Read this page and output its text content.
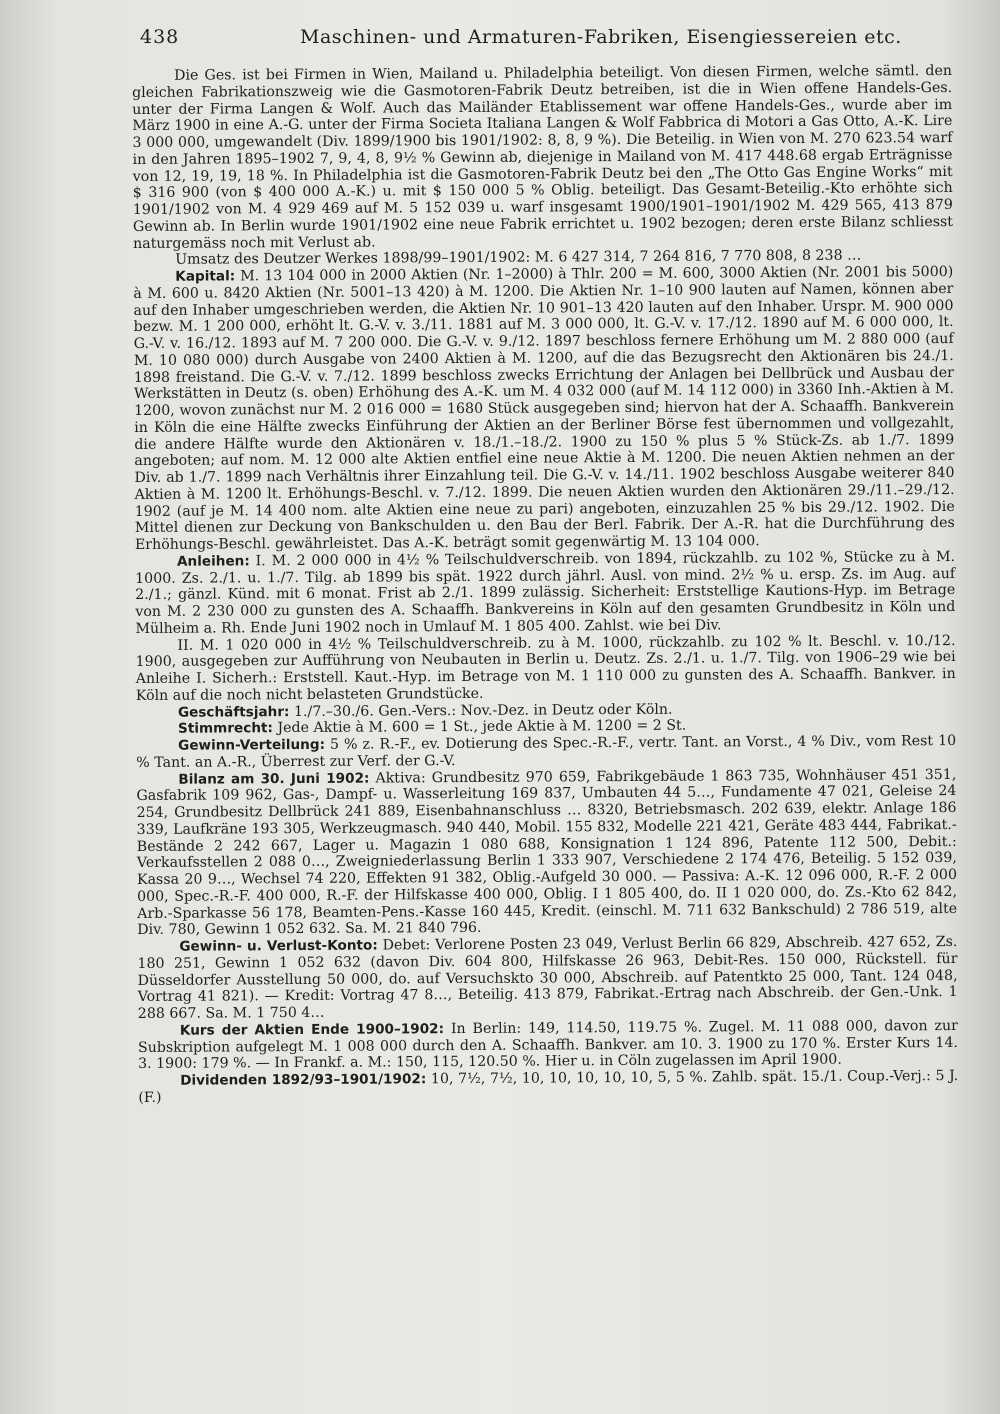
438	Maschinen- und Armaturen-Fabriken, Eisengiessereien etc.

Die Ges. ist bei Firmen in Wien, Mailand u. Philadelphia beteiligt. Von diesen Firmen, welche sämtl. den gleichen Fabrikationszweig wie die Gasmotoren-Fabrik Deutz betreiben, ist die in Wien offene Handels-Ges. unter der Firma Langen & Wolf. Auch das Mailänder Etablissement war offene Handels-Ges., wurde aber im März 1900 in eine A.-G. unter der Firma Societa Italiana Langen & Wolf Fabbrica di Motori a Gas Otto, A.-K. Lire 3 000 000, umgewandelt (Div. 1899/1900 bis 1901/1902: 8, 8, 9 %). Die Beteilig. in Wien von M. 270 623.54 warf in den Jahren 1895–1902 7, 9, 4, 8, 9½ % Gewinn ab, diejenige in Mailand von M. 417 448.68 ergab Erträgnisse von 12, 19, 19, 18 %. In Philadelphia ist die Gasmotoren-Fabrik Deutz bei den „The Otto Gas Engine Works“ mit $ 316 900 (von $ 400 000 A.-K.) u. mit $ 150 000 5 % Oblig. beteiligt. Das Gesamt-Beteilig.-Kto erhöhte sich 1901/1902 von M. 4 929 469 auf M. 5 152 039 u. warf insgesamt 1900/1901–1901/1902 M. 429 565, 413 879 Gewinn ab. In Berlin wurde 1901/1902 eine neue Fabrik errichtet u. 1902 bezogen; deren erste Bilanz schliesst naturgemäss noch mit Verlust ab.

Umsatz des Deutzer Werkes 1898/99–1901/1902: M. 6 427 314, 7 264 816, 7 770 808, 8 238 …

Kapital: M. 13 104 000 in 2000 Aktien (Nr. 1–2000) à Thlr. 200 = M. 600, 3000 Aktien (Nr. 2001 bis 5000) à M. 600 u. 8420 Aktien (Nr. 5001–13 420) à M. 1200. Die Aktien Nr. 1–10 900 lauten auf Namen, können aber auf den Inhaber umgeschrieben werden, die Aktien Nr. 10 901–13 420 lauten auf den Inhaber. Urspr. M. 900 000 bezw. M. 1 200 000, erhöht lt. G.-V. v. 3./11. 1881 auf M. 3 000 000, lt. G.-V. v. 17./12. 1890 auf M. 6 000 000, lt. G.-V. v. 16./12. 1893 auf M. 7 200 000. Die G.-V. v. 9./12. 1897 beschloss fernere Erhöhung um M. 2 880 000 (auf M. 10 080 000) durch Ausgabe von 2400 Aktien à M. 1200, auf die das Bezugsrecht den Aktionären bis 24./1. 1898 freistand. Die G.-V. v. 7./12. 1899 beschloss zwecks Errichtung der Anlagen bei Dellbrück und Ausbau der Werkstätten in Deutz (s. oben) Erhöhung des A.-K. um M. 4 032 000 (auf M. 14 112 000) in 3360 Inh.-Aktien à M. 1200, wovon zunächst nur M. 2 016 000 = 1680 Stück ausgegeben sind; hiervon hat der A. Schaaffh. Bankverein in Köln die eine Hälfte zwecks Einführung der Aktien an der Berliner Börse fest übernommen und vollgezahlt, die andere Hälfte wurde den Aktionären v. 18./1.–18./2. 1900 zu 150 % plus 5 % Stück-Zs. ab 1./7. 1899 angeboten; auf nom. M. 12 000 alte Aktien entfiel eine neue Aktie à M. 1200. Die neuen Aktien nehmen an der Div. ab 1./7. 1899 nach Verhältnis ihrer Einzahlung teil. Die G.-V. v. 14./11. 1902 beschloss Ausgabe weiterer 840 Aktien à M. 1200 lt. Erhöhungs-Beschl. v. 7./12. 1899. Die neuen Aktien wurden den Aktionären 29./11.–29./12. 1902 (auf je M. 14 400 nom. alte Aktien eine neue zu pari) angeboten, einzuzahlen 25 % bis 29./12. 1902. Die Mittel dienen zur Deckung von Bankschulden u. den Bau der Berl. Fabrik. Der A.-R. hat die Durchführung des Erhöhungs-Beschl. gewährleistet. Das A.-K. beträgt somit gegenwärtig M. 13 104 000.

Anleihen: I. M. 2 000 000 in 4½ % Teilschuldverschreib. von 1894, rückzahlb. zu 102 %, Stücke zu à M. 1000. Zs. 2./1. u. 1./7. Tilg. ab 1899 bis spät. 1922 durch jährl. Ausl. von mind. 2½ % u. ersp. Zs. im Aug. auf 2./1.; gänzl. Künd. mit 6 monat. Frist ab 2./1. 1899 zulässig. Sicherheit: Erststellige Kautions-Hyp. im Betrage von M. 2 230 000 zu gunsten des A. Schaaffh. Bankvereins in Köln auf den gesamten Grundbesitz in Köln und Mülheim a. Rh. Ende Juni 1902 noch in Umlauf M. 1 805 400. Zahlst. wie bei Div.

II. M. 1 020 000 in 4½ % Teilschuldverschreib. zu à M. 1000, rückzahlb. zu 102 % lt. Beschl. v. 10./12. 1900, ausgegeben zur Aufführung von Neubauten in Berlin u. Deutz. Zs. 2./1. u. 1./7. Tilg. von 1906–29 wie bei Anleihe I. Sicherh.: Erststell. Kaut.-Hyp. im Betrage von M. 1 110 000 zu gunsten des A. Schaaffh. Bankver. in Köln auf die noch nicht belasteten Grundstücke.

Geschäftsjahr: 1./7.–30./6. Gen.-Vers.: Nov.-Dez. in Deutz oder Köln.

Stimmrecht: Jede Aktie à M. 600 = 1 St., jede Aktie à M. 1200 = 2 St.

Gewinn-Verteilung: 5 % z. R.-F., ev. Dotierung des Spec.-R.-F., vertr. Tant. an Vorst., 4 % Div., vom Rest 10 % Tant. an A.-R., Überrest zur Verf. der G.-V.

Bilanz am 30. Juni 1902: Aktiva: Grundbesitz 970 659, Fabrikgebäude 1 863 735, Wohnhäuser 451 351, Gasfabrik 109 962, Gas-, Dampf- u. Wasserleitung 169 837, Umbauten 44 5…, Fundamente 47 021, Geleise 24 254, Grundbesitz Dellbrück 241 889, Eisenbahnanschluss … 8320, Betriebsmasch. 202 639, elektr. Anlage 186 339, Laufkräne 193 305, Werkzeugmasch. 940 440, Mobil. 155 832, Modelle 221 421, Geräte 483 444, Fabrikat.-Bestände 2 242 667, Lager u. Magazin 1 080 688, Konsignation 1 124 896, Patente 112 500, Debit.: Verkaufsstellen 2 088 0…, Zweigniederlassung Berlin 1 333 907, Verschiedene 2 174 476, Beteilig. 5 152 039, Kassa 20 9…, Wechsel 74 220, Effekten 91 382, Oblig.-Aufgeld 30 000. — Passiva: A.-K. 12 096 000, R.-F. 2 000 000, Spec.-R.-F. 400 000, R.-F. der Hilfskasse 400 000, Oblig. I 1 805 400, do. II 1 020 000, do. Zs.-Kto 62 842, Arb.-Sparkasse 56 178, Beamten-Pens.-Kasse 160 445, Kredit. (einschl. M. 711 632 Bankschuld) 2 786 519, alte Div. 780, Gewinn 1 052 632. Sa. M. 21 840 796.

Gewinn- u. Verlust-Konto: Debet: Verlorene Posten 23 049, Verlust Berlin 66 829, Abschreib. 427 652, Zs. 180 251, Gewinn 1 052 632 (davon Div. 604 800, Hilfskasse 26 963, Debit-Res. 150 000, Rückstell. für Düsseldorfer Ausstellung 50 000, do. auf Versuchskto 30 000, Abschreib. auf Patentkto 25 000, Tant. 124 048, Vortrag 41 821). — Kredit: Vortrag 47 8…, Beteilig. 413 879, Fabrikat.-Ertrag nach Abschreib. der Gen.-Unk. 1 288 667. Sa. M. 1 750 4…

Kurs der Aktien Ende 1900–1902: In Berlin: 149, 114.50, 119.75 %. Zugel. M. 11 088 000, davon zur Subskription aufgelegt M. 1 008 000 durch den A. Schaaffh. Bankver. am 10. 3. 1900 zu 170 %. Erster Kurs 14. 3. 1900: 179 %. — In Frankf. a. M.: 150, 115, 120.50 %. Hier u. in Cöln zugelassen im April 1900.

Dividenden 1892/93–1901/1902: 10, 7½, 7½, 10, 10, 10, 10, 10, 5, 5 %. Zahlb. spät. 15./1. Coup.-Verj.: 5 J. (F.)
